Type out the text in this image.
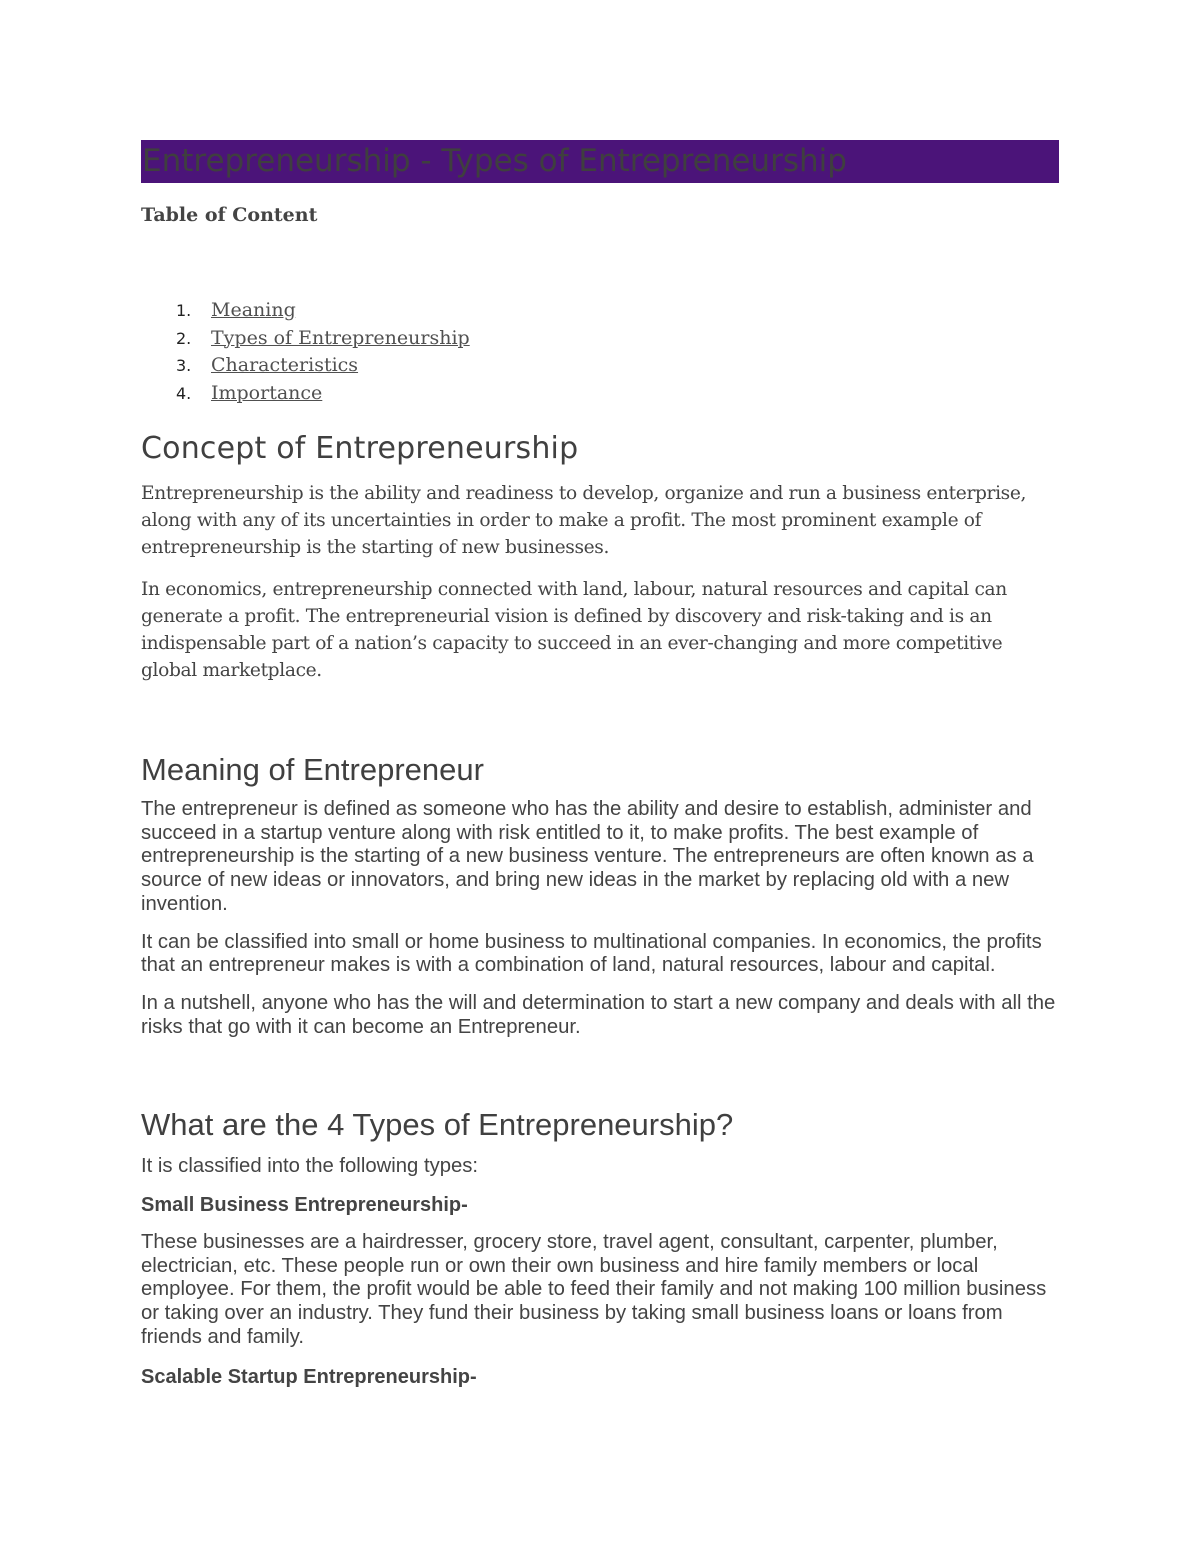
Entrepreneurship - Types of Entrepreneurship
Table of Content
1. Meaning
2. Types of Entrepreneurship
3. Characteristics
4. Importance
Concept of Entrepreneurship

Entrepreneurship is the ability and readiness to develop, organize and run a business enterprise, along with any of its uncertainties in order to make a profit. The most prominent example of entrepreneurship is the starting of new businesses.

In economics, entrepreneurship connected with land, labour, natural resources and capital can generate a profit. The entrepreneurial vision is defined by discovery and risk-taking and is an indispensable part of a nation’s capacity to succeed in an ever-changing and more competitive global marketplace.

Meaning of Entrepreneur

The entrepreneur is defined as someone who has the ability and desire to establish, administer and succeed in a startup venture along with risk entitled to it, to make profits. The best example of entrepreneurship is the starting of a new business venture. The entrepreneurs are often known as a source of new ideas or innovators, and bring new ideas in the market by replacing old with a new invention.

It can be classified into small or home business to multinational companies. In economics, the profits that an entrepreneur makes is with a combination of land, natural resources, labour and capital.

In a nutshell, anyone who has the will and determination to start a new company and deals with all the risks that go with it can become an Entrepreneur.

What are the 4 Types of Entrepreneurship?

It is classified into the following types:

Small Business Entrepreneurship-

These businesses are a hairdresser, grocery store, travel agent, consultant, carpenter, plumber, electrician, etc. These people run or own their own business and hire family members or local employee. For them, the profit would be able to feed their family and not making 100 million business or taking over an industry. They fund their business by taking small business loans or loans from friends and family.

Scalable Startup Entrepreneurship-
